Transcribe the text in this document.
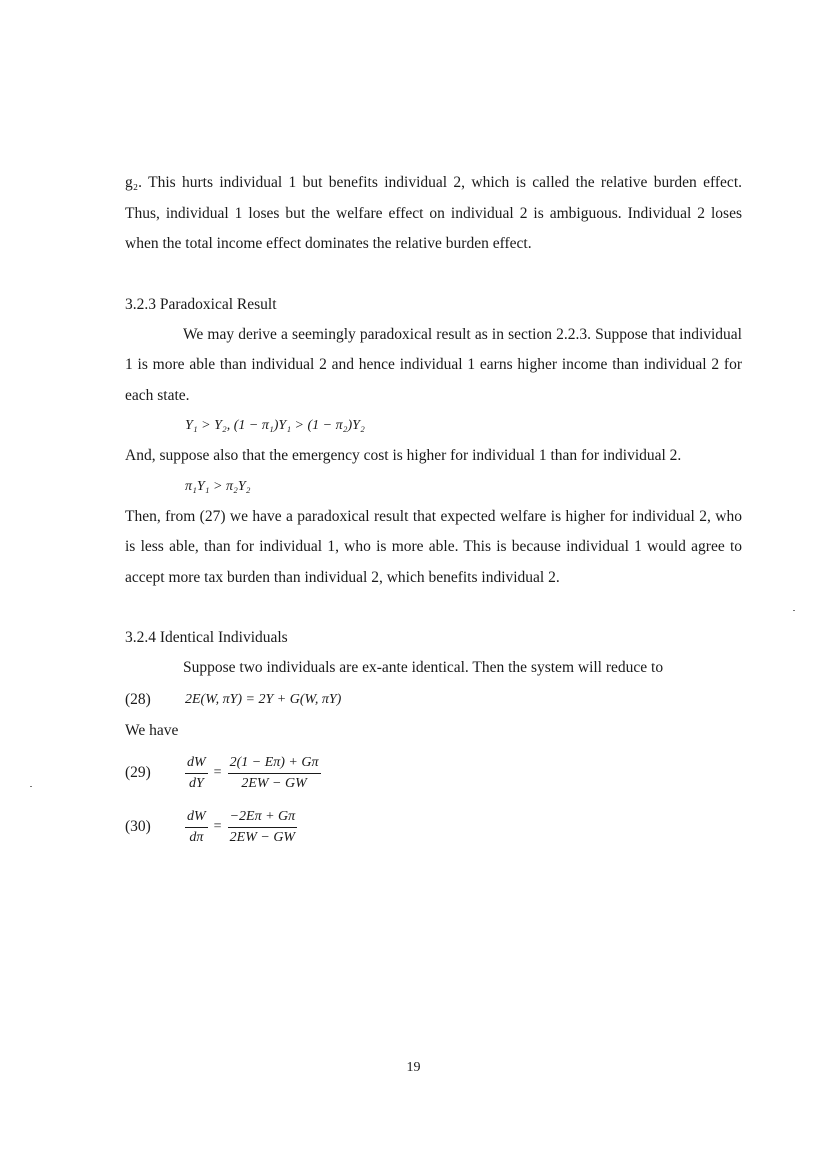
g₂. This hurts individual 1 but benefits individual 2, which is called the relative burden effect. Thus, individual 1 loses but the welfare effect on individual 2 is ambiguous. Individual 2 loses when the total income effect dominates the relative burden effect.

3.2.3 Paradoxical Result

We may derive a seemingly paradoxical result as in section 2.2.3. Suppose that individual 1 is more able than individual 2 and hence individual 1 earns higher income than individual 2 for each state.

Y₁ > Y₂, (1 − π₁)Y₁ > (1 − π₂)Y₂

And, suppose also that the emergency cost is higher for individual 1 than for individual 2.

π₁Y₁ > π₂Y₂

Then, from (27) we have a paradoxical result that expected welfare is higher for individual 2, who is less able, than for individual 1, who is more able. This is because individual 1 would agree to accept more tax burden than individual 2, which benefits individual 2.

3.2.4 Identical Individuals

Suppose two individuals are ex-ante identical. Then the system will reduce to

(28)	2E(W, πY) = 2Y + G(W, πY)

We have

(29)	$\frac{dW}{dY} = \frac{2(1 - E\pi) + G\pi}{2EW - GW}$
(30)	$\frac{dW}{d\pi} = \frac{-2E\pi + G\pi}{2EW - GW}$
19
